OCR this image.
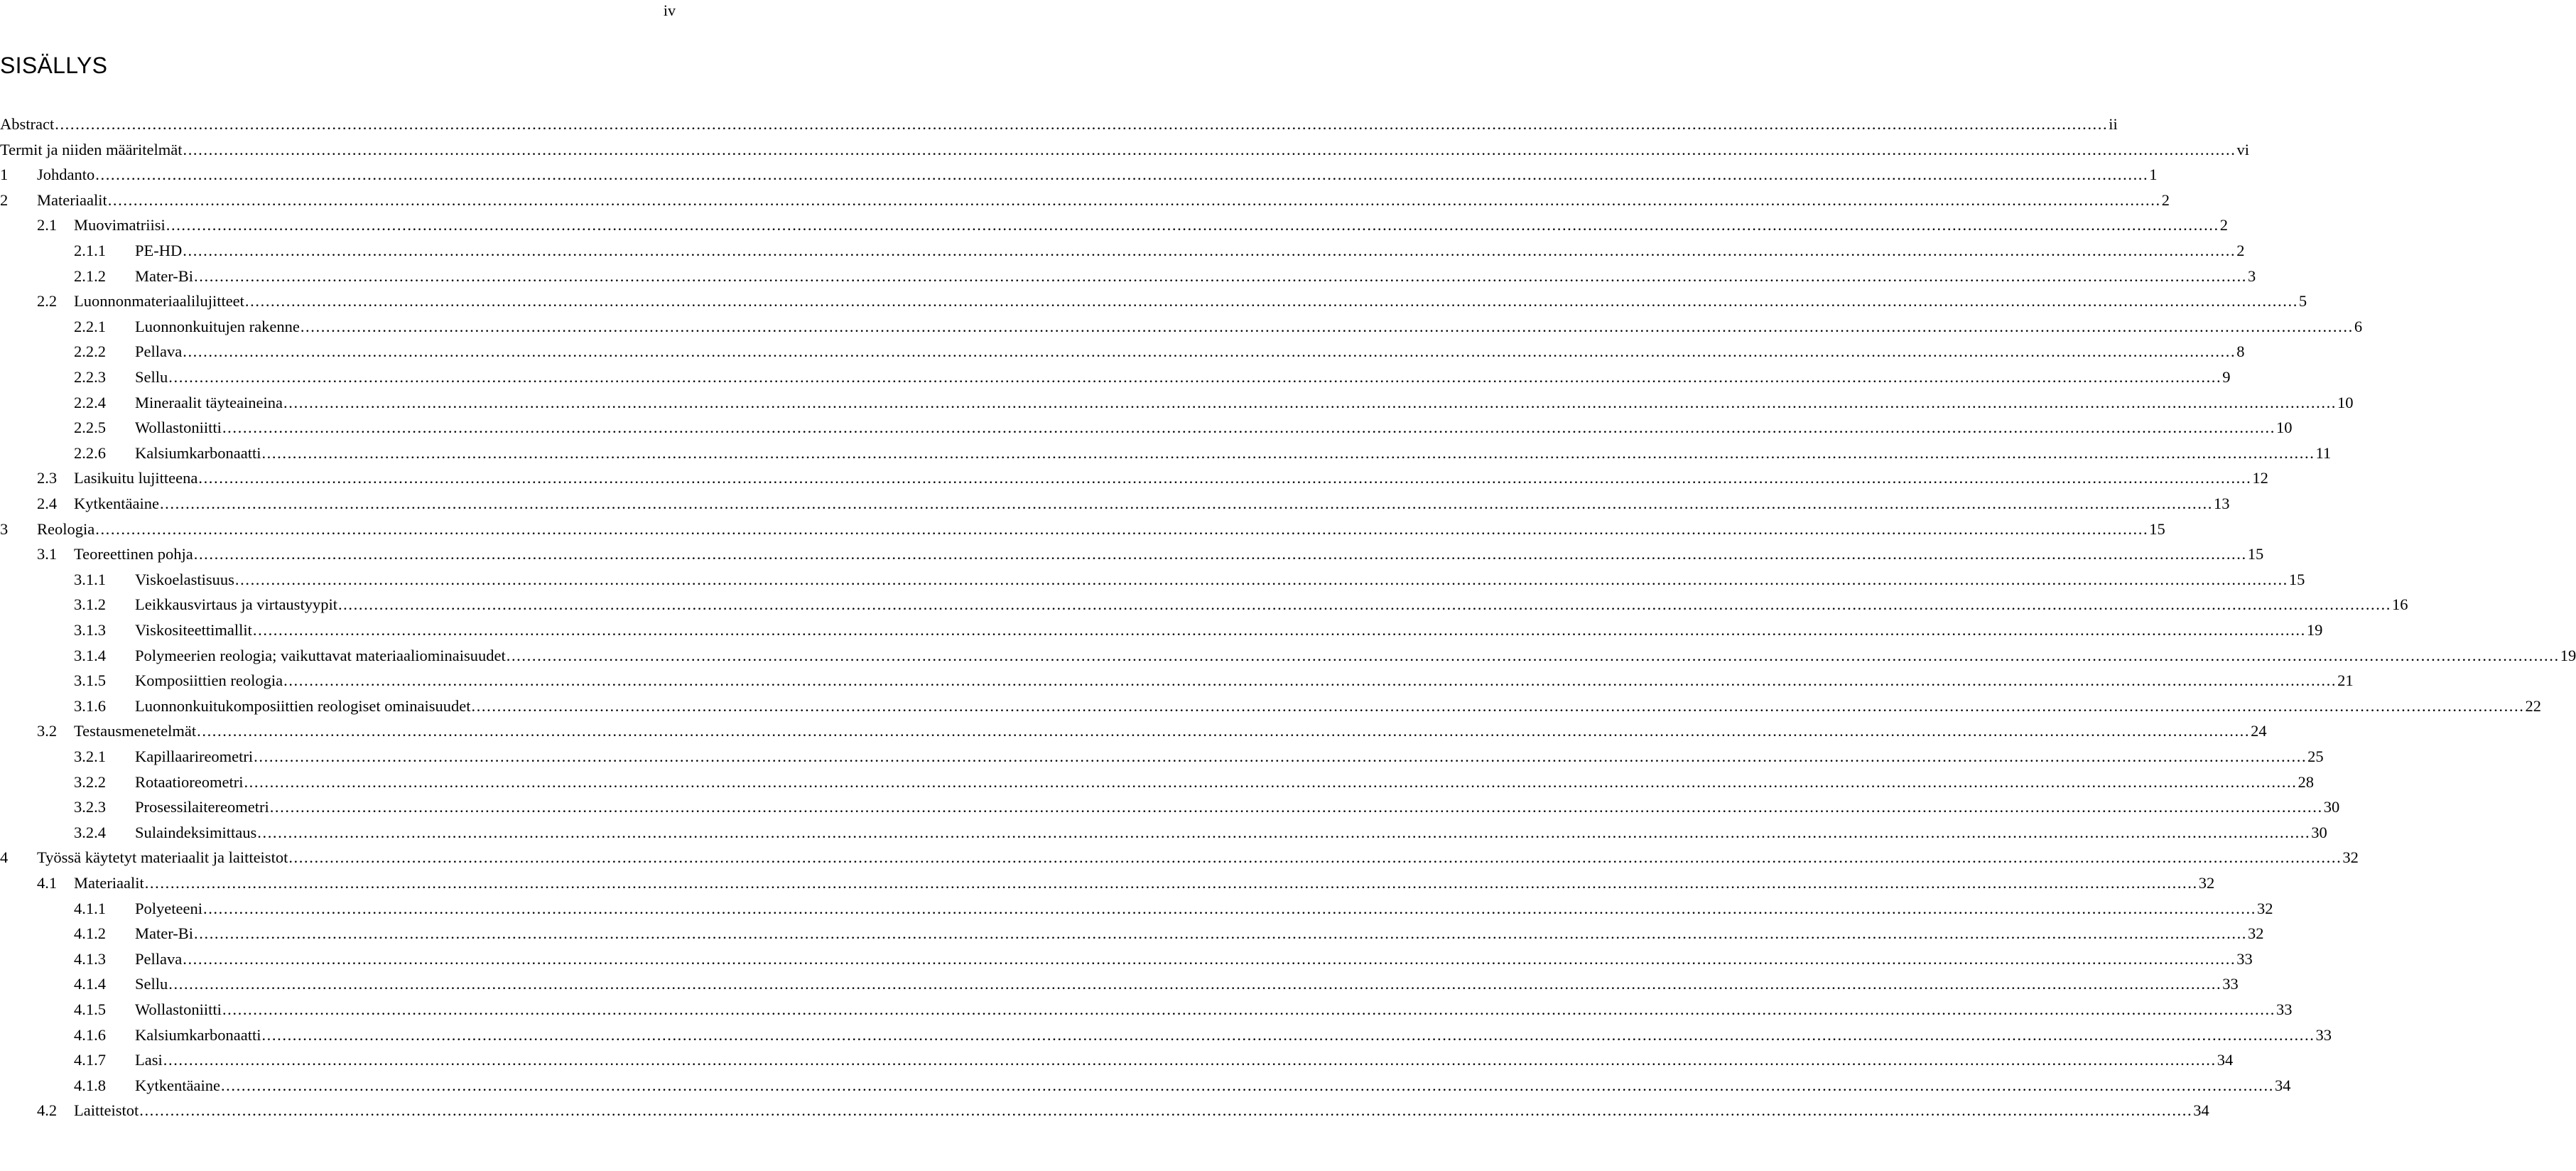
iv
SISÄLLYS
Abstract ................................................................................................................................................................................................................................................................................................................................................................................................................ ii
Termit ja niiden määritelmät ................................................................................................................................................................................................................................................................................................................................................................................................................ vi
1	Johdanto ................................................................................................................................................................................................................................................................................................................................................................................................................ 1
2	Materiaalit ................................................................................................................................................................................................................................................................................................................................................................................................................ 2
2.1	Muovimatriisi ................................................................................................................................................................................................................................................................................................................................................................................................................ 2
2.1.1	PE-HD ................................................................................................................................................................................................................................................................................................................................................................................................................ 2
2.1.2	Mater-Bi ................................................................................................................................................................................................................................................................................................................................................................................................................ 3
2.2	Luonnonmateriaalilujitteet ................................................................................................................................................................................................................................................................................................................................................................................................................ 5
2.2.1	Luonnonkuitujen rakenne ................................................................................................................................................................................................................................................................................................................................................................................................................ 6
2.2.2	Pellava ................................................................................................................................................................................................................................................................................................................................................................................................................ 8
2.2.3	Sellu ................................................................................................................................................................................................................................................................................................................................................................................................................ 9
2.2.4	Mineraalit täyteaineina ................................................................................................................................................................................................................................................................................................................................................................................................................ 10
2.2.5	Wollastoniitti ................................................................................................................................................................................................................................................................................................................................................................................................................ 10
2.2.6	Kalsiumkarbonaatti ................................................................................................................................................................................................................................................................................................................................................................................................................ 11
2.3	Lasikuitu lujitteena ................................................................................................................................................................................................................................................................................................................................................................................................................ 12
2.4	Kytkentäaine ................................................................................................................................................................................................................................................................................................................................................................................................................ 13
3	Reologia ................................................................................................................................................................................................................................................................................................................................................................................................................ 15
3.1	Teoreettinen pohja ................................................................................................................................................................................................................................................................................................................................................................................................................ 15
3.1.1	Viskoelastisuus ................................................................................................................................................................................................................................................................................................................................................................................................................ 15
3.1.2	Leikkausvirtaus ja virtaustyypit ................................................................................................................................................................................................................................................................................................................................................................................................................ 16
3.1.3	Viskositeettimallit ................................................................................................................................................................................................................................................................................................................................................................................................................ 19
3.1.4	Polymeerien reologia; vaikuttavat materiaaliominaisuudet ................................................................................................................................................................................................................................................................................................................................................................................................................ 19
3.1.5	Komposiittien reologia ................................................................................................................................................................................................................................................................................................................................................................................................................ 21
3.1.6	Luonnonkuitukomposiittien reologiset ominaisuudet ................................................................................................................................................................................................................................................................................................................................................................................................................ 22
3.2	Testausmenetelmät ................................................................................................................................................................................................................................................................................................................................................................................................................ 24
3.2.1	Kapillaarireometri ................................................................................................................................................................................................................................................................................................................................................................................................................ 25
3.2.2	Rotaatioreometri ................................................................................................................................................................................................................................................................................................................................................................................................................ 28
3.2.3	Prosessilaitereometri ................................................................................................................................................................................................................................................................................................................................................................................................................ 30
3.2.4	Sulaindeksimittaus ................................................................................................................................................................................................................................................................................................................................................................................................................ 30
4	Työssä käytetyt materiaalit ja laitteistot ................................................................................................................................................................................................................................................................................................................................................................................................................ 32
4.1	Materiaalit ................................................................................................................................................................................................................................................................................................................................................................................................................ 32
4.1.1	Polyeteeni ................................................................................................................................................................................................................................................................................................................................................................................................................ 32
4.1.2	Mater-Bi ................................................................................................................................................................................................................................................................................................................................................................................................................ 32
4.1.3	Pellava ................................................................................................................................................................................................................................................................................................................................................................................................................ 33
4.1.4	Sellu ................................................................................................................................................................................................................................................................................................................................................................................................................ 33
4.1.5	Wollastoniitti ................................................................................................................................................................................................................................................................................................................................................................................................................ 33
4.1.6	Kalsiumkarbonaatti ................................................................................................................................................................................................................................................................................................................................................................................................................ 33
4.1.7	Lasi ................................................................................................................................................................................................................................................................................................................................................................................................................ 34
4.1.8	Kytkentäaine ................................................................................................................................................................................................................................................................................................................................................................................................................ 34
4.2	Laitteistot ................................................................................................................................................................................................................................................................................................................................................................................................................ 34
